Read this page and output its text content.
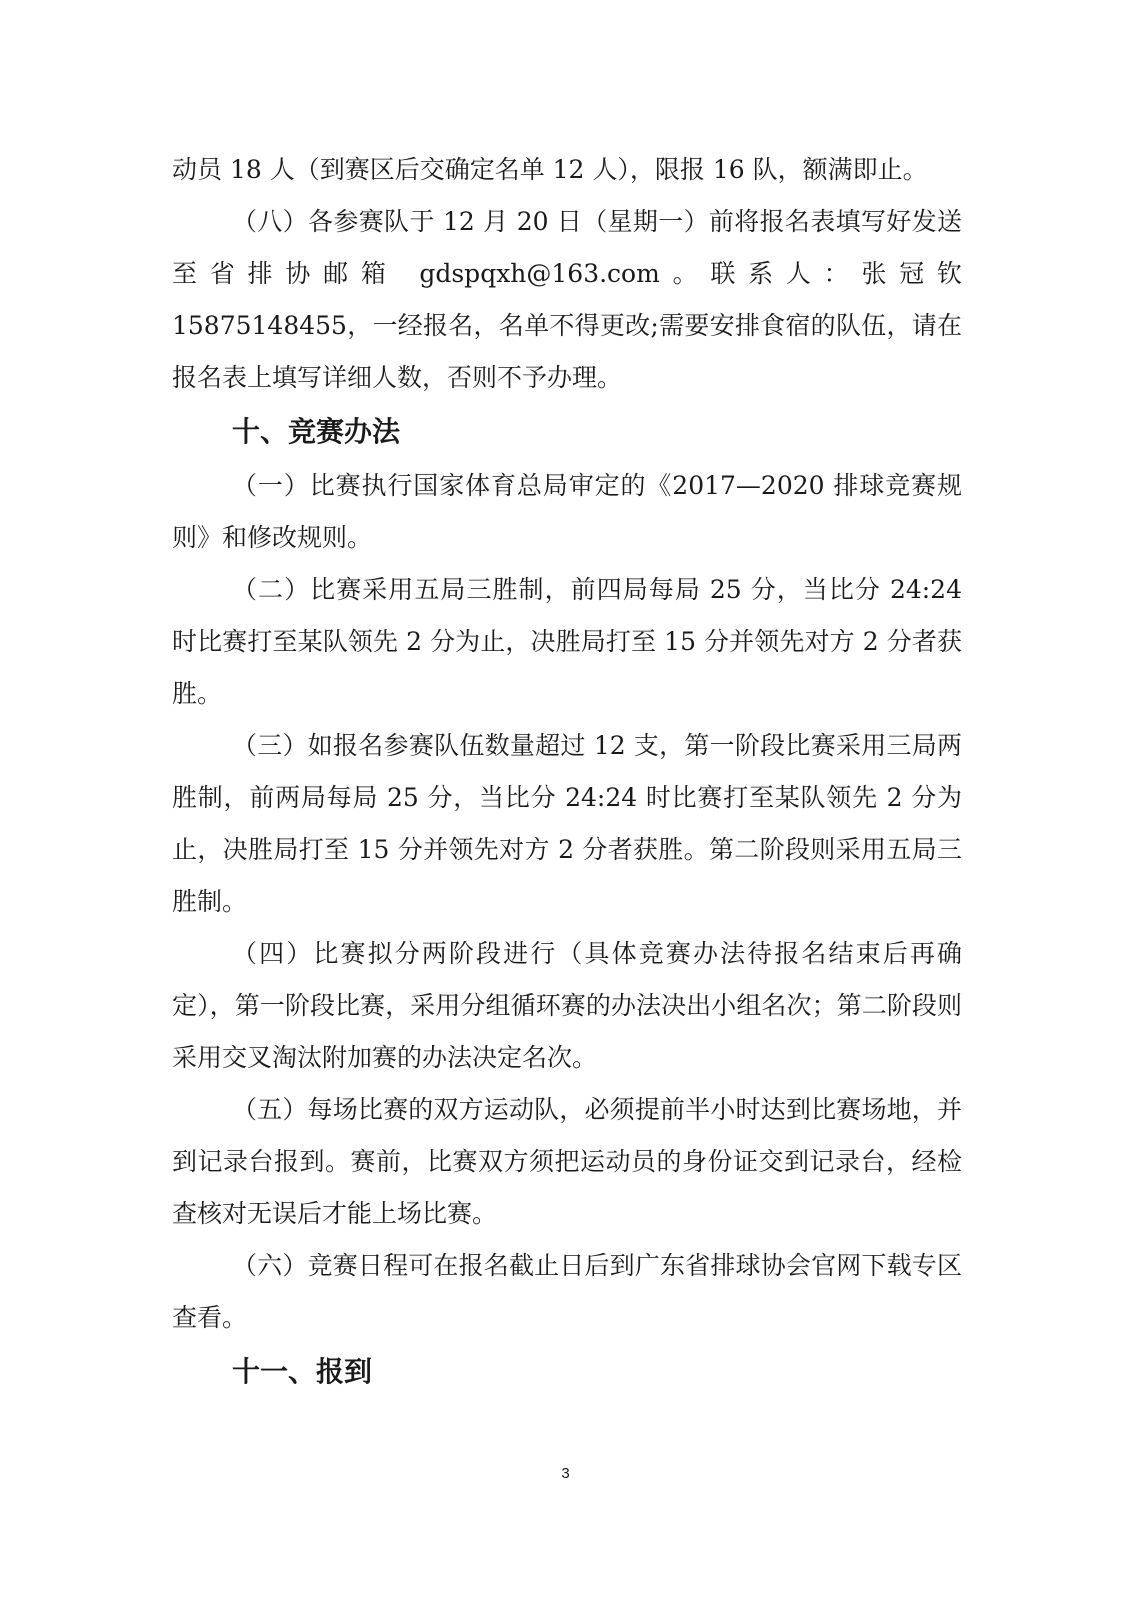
动员 18 人（到赛区后交确定名单 12 人），限报 16 队，额满即止。

（八）各参赛队于 12 月 20 日（星期一）前将报名表填写好发送至省排协邮箱 gdspqxh@163.com。联系人：张冠钦 15875148455，一经报名，名单不得更改;需要安排食宿的队伍，请在报名表上填写详细人数，否则不予办理。

十、竞赛办法

（一）比赛执行国家体育总局审定的《2017—2020 排球竞赛规则》和修改规则。

（二）比赛采用五局三胜制，前四局每局 25 分，当比分 24:24 时比赛打至某队领先 2 分为止，决胜局打至 15 分并领先对方 2 分者获胜。

（三）如报名参赛队伍数量超过 12 支，第一阶段比赛采用三局两胜制，前两局每局 25 分，当比分 24:24 时比赛打至某队领先 2 分为止，决胜局打至 15 分并领先对方 2 分者获胜。第二阶段则采用五局三胜制。

（四）比赛拟分两阶段进行（具体竞赛办法待报名结束后再确定），第一阶段比赛，采用分组循环赛的办法决出小组名次；第二阶段则采用交叉淘汰附加赛的办法决定名次。

（五）每场比赛的双方运动队，必须提前半小时达到比赛场地，并到记录台报到。赛前，比赛双方须把运动员的身份证交到记录台，经检查核对无误后才能上场比赛。

（六）竞赛日程可在报名截止日后到广东省排球协会官网下载专区查看。

十一、报到
3
